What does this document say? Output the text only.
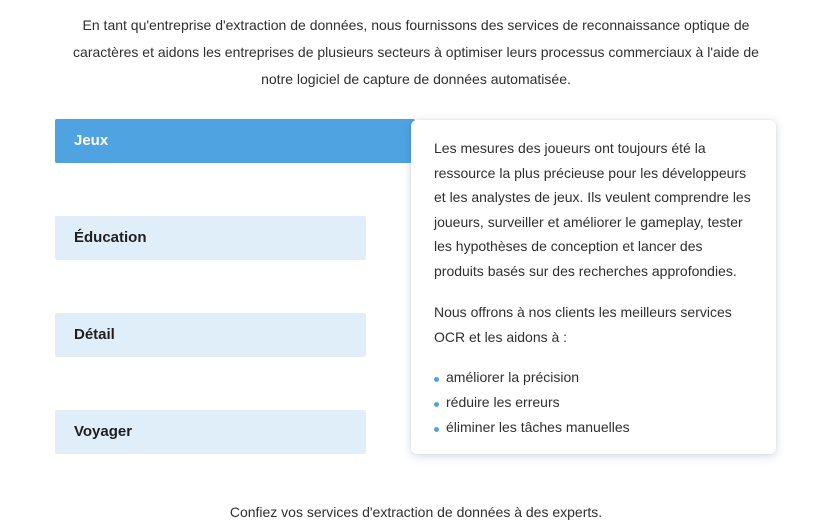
En tant qu'entreprise d'extraction de données, nous fournissons des services de reconnaissance optique de caractères et aidons les entreprises de plusieurs secteurs à optimiser leurs processus commerciaux à l'aide de notre logiciel de capture de données automatisée.

Jeux
Éducation
Détail
Voyager

Les mesures des joueurs ont toujours été la ressource la plus précieuse pour les développeurs et les analystes de jeux. Ils veulent comprendre les joueurs, surveiller et améliorer le gameplay, tester les hypothèses de conception et lancer des produits basés sur des recherches approfondies.

Nous offrons à nos clients les meilleurs services OCR et les aidons à :

améliorer la précision
réduire les erreurs
éliminer les tâches manuelles

Confiez vos services d'extraction de données à des experts.
